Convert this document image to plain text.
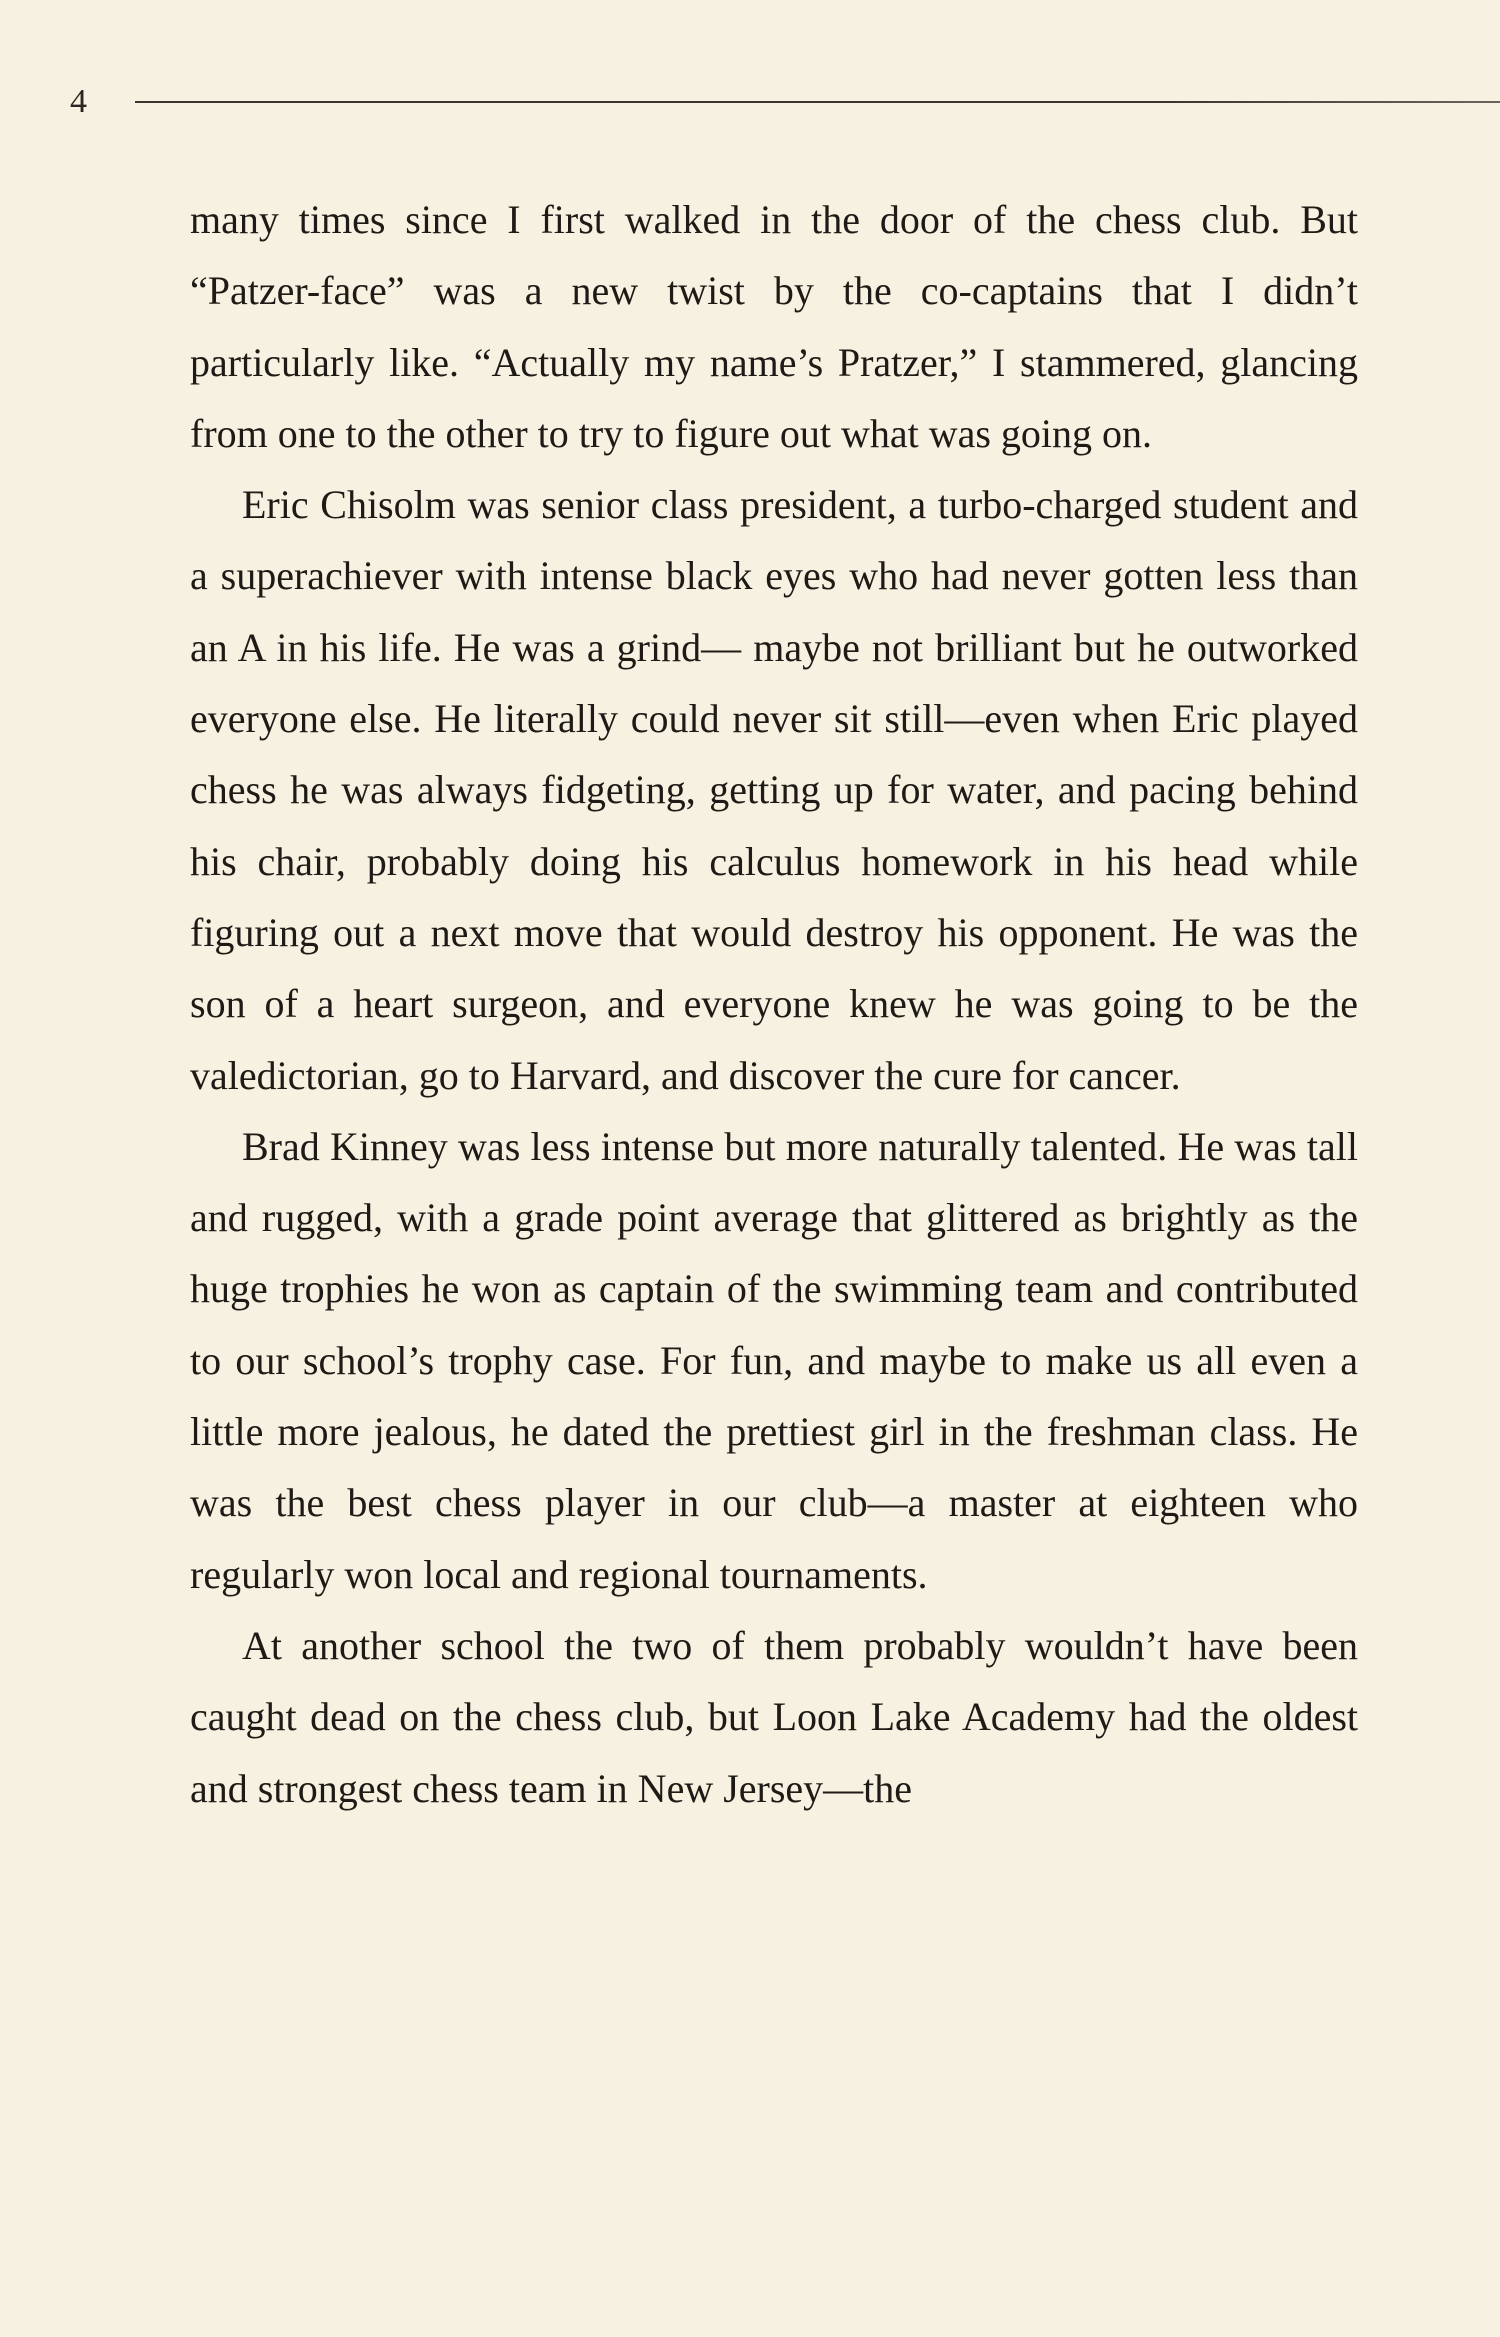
4

many times since I first walked in the door of the chess club. But “Patzer-face” was a new twist by the co-captains that I didn’t particularly like. “Actually my name’s Pratzer,” I stammered, glancing from one to the other to try to figure out what was going on.

Eric Chisolm was senior class president, a turbo-charged student and a superachiever with intense black eyes who had never gotten less than an A in his life. He was a grind— maybe not brilliant but he outworked everyone else. He literally could never sit still—even when Eric played chess he was always fidgeting, getting up for water, and pacing behind his chair, probably doing his calculus homework in his head while figuring out a next move that would destroy his opponent. He was the son of a heart surgeon, and everyone knew he was going to be the valedictorian, go to Harvard, and discover the cure for cancer.

Brad Kinney was less intense but more naturally talented. He was tall and rugged, with a grade point average that glittered as brightly as the huge trophies he won as captain of the swimming team and contributed to our school’s trophy case. For fun, and maybe to make us all even a little more jealous, he dated the prettiest girl in the freshman class. He was the best chess player in our club—a master at eighteen who regularly won local and regional tournaments.

At another school the two of them probably wouldn’t have been caught dead on the chess club, but Loon Lake Academy had the oldest and strongest chess team in New Jersey—the
